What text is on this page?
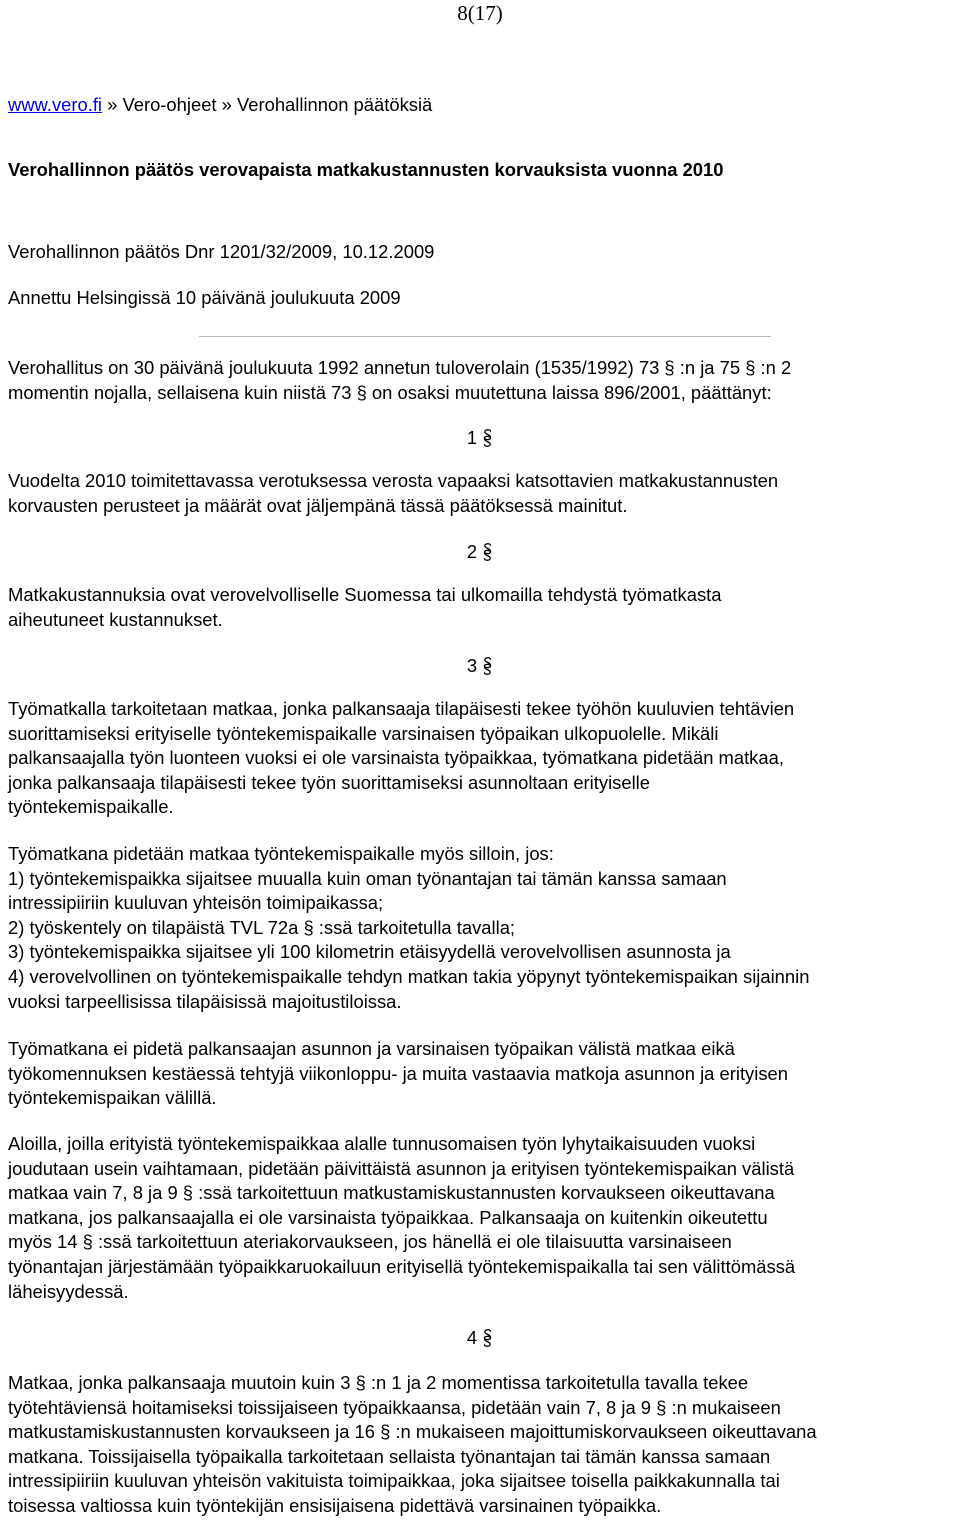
8(17)
www.vero.fi » Vero-ohjeet » Verohallinnon päätöksiä
Verohallinnon päätös verovapaista matkakustannusten korvauksista vuonna 2010
Verohallinnon päätös Dnr 1201/32/2009, 10.12.2009
Annettu Helsingissä 10 päivänä joulukuuta 2009
Verohallitus on 30 päivänä joulukuuta 1992 annetun tuloverolain (1535/1992) 73 § :n ja 75 § :n 2
momentin nojalla, sellaisena kuin niistä 73 § on osaksi muutettuna laissa 896/2001, päättänyt:
1
Vuodelta 2010 toimitettavassa verotuksessa verosta vapaaksi katsottavien matkakustannusten
korvausten perusteet ja määrät ovat jäljempänä tässä päätöksessä mainitut.
2
Matkakustannuksia ovat verovelvolliselle Suomessa tai ulkomailla tehdystä työmatkasta
aiheutuneet kustannukset.
3
Työmatkalla tarkoitetaan matkaa, jonka palkansaaja tilapäisesti tekee työhön kuuluvien tehtävien
suorittamiseksi erityiselle työntekemispaikalle varsinaisen työpaikan ulkopuolelle. Mikäli
palkansaajalla työn luonteen vuoksi ei ole varsinaista työpaikkaa, työmatkana pidetään matkaa,
jonka palkansaaja tilapäisesti tekee työn suorittamiseksi asunnoltaan erityiselle
työntekemispaikalle.
Työmatkana pidetään matkaa työntekemispaikalle myös silloin, jos:
1) työntekemispaikka sijaitsee muualla kuin oman työnantajan tai tämän kanssa samaan
intressipiiriin kuuluvan yhteisön toimipaikassa;
2) työskentely on tilapäistä TVL 72a § :ssä tarkoitetulla tavalla;
3) työntekemispaikka sijaitsee yli 100 kilometrin etäisyydellä verovelvollisen asunnosta ja
4) verovelvollinen on työntekemispaikalle tehdyn matkan takia yöpynyt työntekemispaikan sijainnin
vuoksi tarpeellisissa tilapäisissä majoitustiloissa.
Työmatkana ei pidetä palkansaajan asunnon ja varsinaisen työpaikan välistä matkaa eikä
työkomennuksen kestäessä tehtyjä viikonloppu- ja muita vastaavia matkoja asunnon ja erityisen
työntekemispaikan välillä.
Aloilla, joilla erityistä työntekemispaikkaa alalle tunnusomaisen työn lyhytaikaisuuden vuoksi
joudutaan usein vaihtamaan, pidetään päivittäistä asunnon ja erityisen työntekemispaikan välistä
matkaa vain 7, 8 ja 9 § :ssä tarkoitettuun matkustamiskustannusten korvaukseen oikeuttavana
matkana, jos palkansaajalla ei ole varsinaista työpaikkaa. Palkansaaja on kuitenkin oikeutettu
myös 14 § :ssä tarkoitettuun ateriakorvaukseen, jos hänellä ei ole tilaisuutta varsinaiseen
työnantajan järjestämään työpaikkaruokailuun erityisellä työntekemispaikalla tai sen välittömässä
läheisyydessä.
4
Matkaa, jonka palkansaaja muutoin kuin 3 § :n 1 ja 2 momentissa tarkoitetulla tavalla tekee
työtehtäviensä hoitamiseksi toissijaiseen työpaikkaansa, pidetään vain 7, 8 ja 9 § :n mukaiseen
matkustamiskustannusten korvaukseen ja 16 § :n mukaiseen majoittumiskorvaukseen oikeuttavana
matkana. Toissijaisella työpaikalla tarkoitetaan sellaista työnantajan tai tämän kanssa samaan
intressipiiriin kuuluvan yhteisön vakituista toimipaikkaa, joka sijaitsee toisella paikkakunnalla tai
toisessa valtiossa kuin työntekijän ensisijaisena pidettävä varsinainen työpaikka.
